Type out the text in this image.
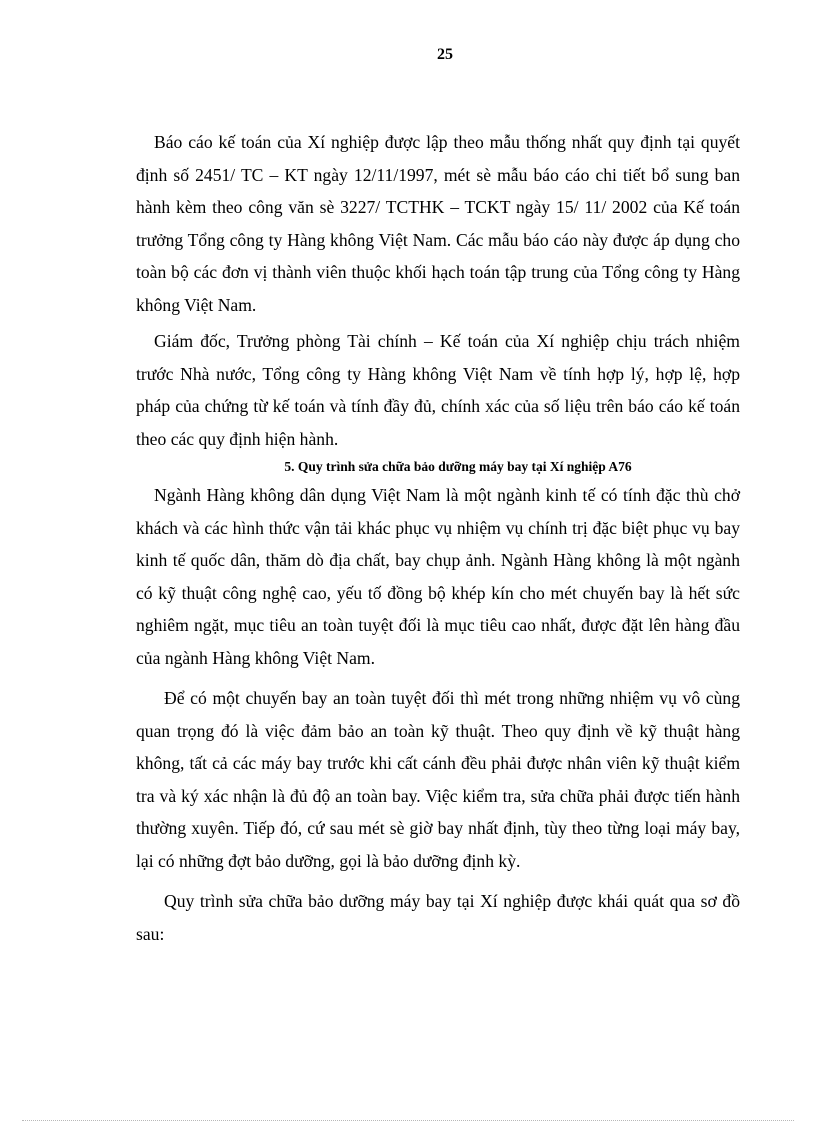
25

Báo cáo kế toán của Xí nghiệp được lập theo mẫu thống nhất quy định tại quyết định số 2451/ TC – KT ngày 12/11/1997, mét sè mẫu báo cáo chi tiết bổ sung ban hành kèm theo công văn sè 3227/ TCTHK – TCKT ngày 15/ 11/ 2002 của Kế toán trưởng Tổng công ty Hàng không Việt Nam. Các mẫu báo cáo này được áp dụng cho toàn bộ các đơn vị thành viên thuộc khối hạch toán tập trung của Tổng công ty Hàng không Việt Nam.

Giám đốc, Trưởng phòng Tài chính – Kế toán của Xí nghiệp chịu trách nhiệm trước Nhà nước, Tổng công ty Hàng không Việt Nam về tính hợp lý, hợp lệ, hợp pháp của chứng từ kế toán và tính đầy đủ, chính xác của số liệu trên báo cáo kế toán theo các quy định hiện hành.

5. Quy trình sửa chữa bảo dưỡng máy bay tại Xí nghiệp A76

Ngành Hàng không dân dụng Việt Nam là một ngành kinh tế có tính đặc thù chở khách và các hình thức vận tải khác phục vụ nhiệm vụ chính trị đặc biệt phục vụ bay kinh tế quốc dân, thăm dò địa chất, bay chụp ảnh. Ngành Hàng không là một ngành có kỹ thuật công nghệ cao, yếu tố đồng bộ khép kín cho mét chuyến bay là hết sức nghiêm ngặt, mục tiêu an toàn tuyệt đối là mục tiêu cao nhất, được đặt lên hàng đầu của ngành Hàng không Việt Nam.

Để có một chuyến bay an toàn tuyệt đối thì mét trong những nhiệm vụ vô cùng quan trọng đó là việc đảm bảo an toàn kỹ thuật. Theo quy định về kỹ thuật hàng không, tất cả các máy bay trước khi cất cánh đều phải được nhân viên kỹ thuật kiểm tra và ký xác nhận là đủ độ an toàn bay. Việc kiểm tra, sửa chữa phải được tiến hành thường xuyên. Tiếp đó, cứ sau mét sè giờ bay nhất định, tùy theo từng loại máy bay, lại có những đợt bảo dưỡng, gọi là bảo dưỡng định kỳ.

Quy trình sửa chữa bảo dưỡng máy bay tại Xí nghiệp được khái quát qua sơ đồ sau:
